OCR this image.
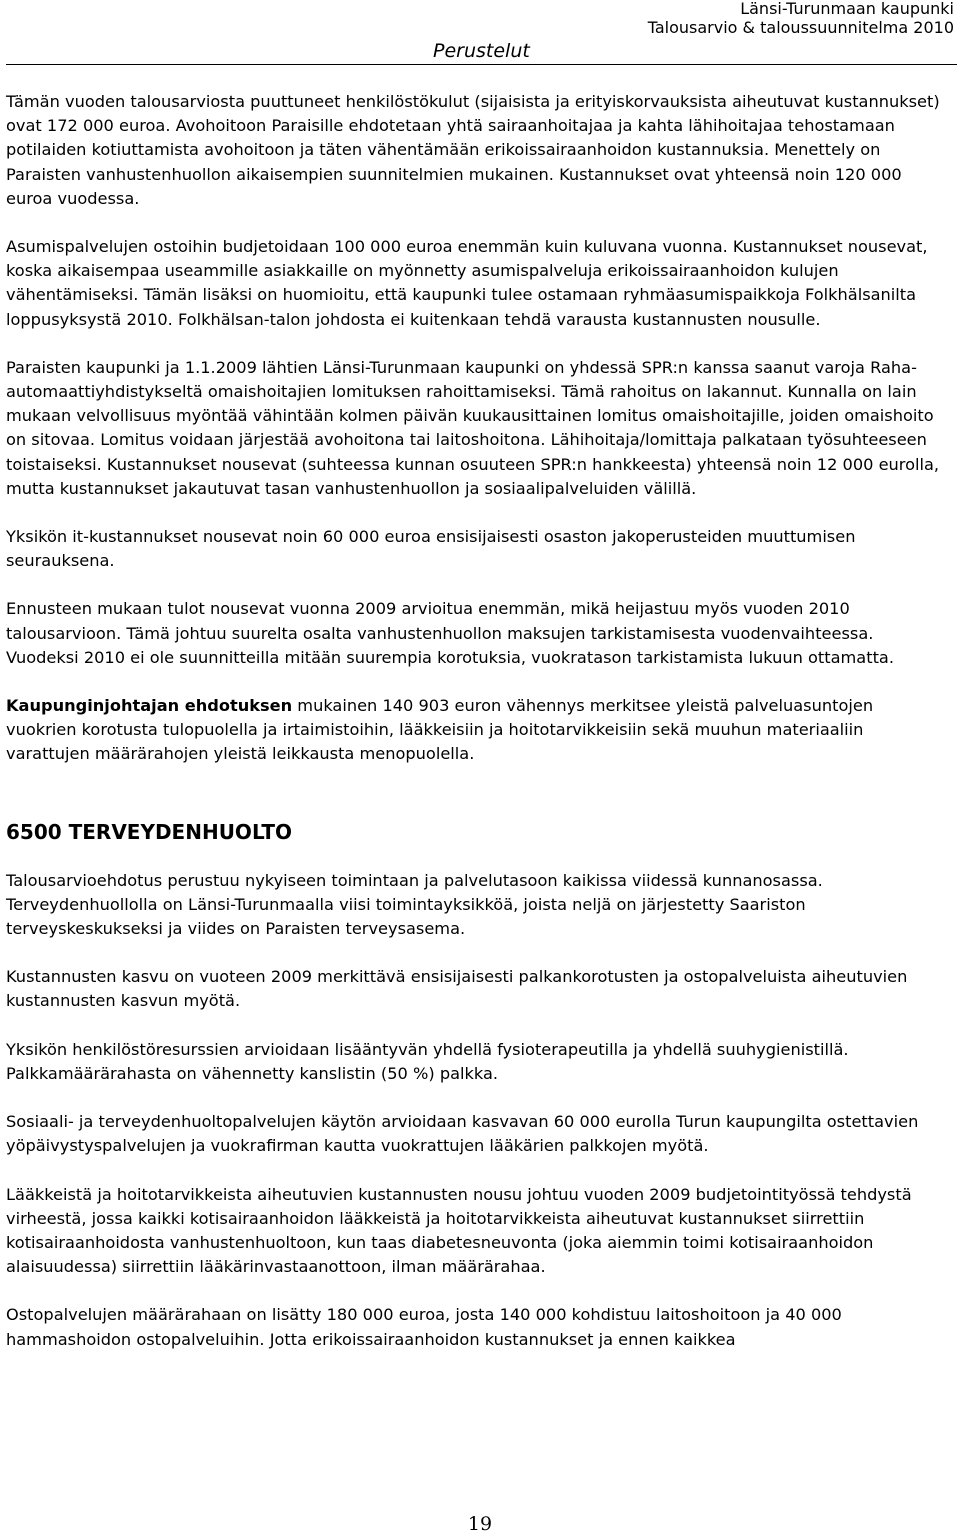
Länsi-Turunmaan kaupunki
Talousarvio & taloussuunnitelma 2010
Perustelut

Tämän vuoden talousarviosta puuttuneet henkilöstökulut (sijaisista ja erityiskorvauksista aiheutuvat kustannukset) ovat 172 000 euroa. Avohoitoon Paraisille ehdotetaan yhtä sairaanhoitajaa ja kahta lähihoitajaa tehostamaan potilaiden kotiuttamista avohoitoon ja täten vähentämään erikoissairaanhoidon kustannuksia. Menettely on Paraisten vanhustenhuollon aikaisempien suunnitelmien mukainen. Kustannukset ovat yhteensä noin 120 000 euroa vuodessa.

Asumispalvelujen ostoihin budjetoidaan 100 000 euroa enemmän kuin kuluvana vuonna. Kustannukset nousevat, koska aikaisempaa useammille asiakkaille on myönnetty asumispalveluja erikoissairaanhoidon kulujen vähentämiseksi. Tämän lisäksi on huomioitu, että kaupunki tulee ostamaan ryhmäasumispaikkoja Folkhälsanilta loppusyksystä 2010. Folkhälsan-talon johdosta ei kuitenkaan tehdä varausta kustannusten nousulle.

Paraisten kaupunki ja 1.1.2009 lähtien Länsi-Turunmaan kaupunki on yhdessä SPR:n kanssa saanut varoja Raha-automaattiyhdistykseltä omaishoitajien lomituksen rahoittamiseksi. Tämä rahoitus on lakannut. Kunnalla on lain mukaan velvollisuus myöntää vähintään kolmen päivän kuukausittainen lomitus omaishoitajille, joiden omaishoito on sitovaa. Lomitus voidaan järjestää avohoitona tai laitoshoitona. Lähihoitaja/lomittaja palkataan työsuhteeseen toistaiseksi. Kustannukset nousevat (suhteessa kunnan osuuteen SPR:n hankkeesta) yhteensä noin 12 000 eurolla, mutta kustannukset jakautuvat tasan vanhustenhuollon ja sosiaalipalveluiden välillä.

Yksikön it-kustannukset nousevat noin 60 000 euroa ensisijaisesti osaston jakoperusteiden muuttumisen seurauksena.

Ennusteen mukaan tulot nousevat vuonna 2009 arvioitua enemmän, mikä heijastuu myös vuoden 2010 talousarvioon. Tämä johtuu suurelta osalta vanhustenhuollon maksujen tarkistamisesta vuodenvaihteessa. Vuodeksi 2010 ei ole suunnitteilla mitään suurempia korotuksia, vuokratason tarkistamista lukuun ottamatta.

Kaupunginjohtajan ehdotuksen mukainen 140 903 euron vähennys merkitsee yleistä palveluasuntojen vuokrien korotusta tulopuolella ja irtaimistoihin, lääkkeisiin ja hoitotarvikkeisiin sekä muuhun materiaaliin varattujen määrärahojen yleistä leikkausta menopuolella.

6500 TERVEYDENHUOLTO

Talousarvioehdotus perustuu nykyiseen toimintaan ja palvelutasoon kaikissa viidessä kunnanosassa. Terveydenhuollolla on Länsi-Turunmaalla viisi toimintayksikköä, joista neljä on järjestetty Saariston terveyskeskukseksi ja viides on Paraisten terveysasema.

Kustannusten kasvu on vuoteen 2009 merkittävä ensisijaisesti palkankorotusten ja ostopalveluista aiheutuvien kustannusten kasvun myötä.

Yksikön henkilöstöresurssien arvioidaan lisääntyvän yhdellä fysioterapeutilla ja yhdellä suuhygienistillä. Palkkamäärärahasta on vähennetty kanslistin (50 %) palkka.

Sosiaali- ja terveydenhuoltopalvelujen käytön arvioidaan kasvavan 60 000 eurolla Turun kaupungilta ostettavien yöpäivystyspalvelujen ja vuokrafirman kautta vuokrattujen lääkärien palkkojen myötä.

Lääkkeistä ja hoitotarvikkeista aiheutuvien kustannusten nousu johtuu vuoden 2009 budjetointityössä tehdystä virheestä, jossa kaikki kotisairaanhoidon lääkkeistä ja hoitotarvikkeista aiheutuvat kustannukset siirrettiin kotisairaanhoidosta vanhustenhuoltoon, kun taas diabetesneuvonta (joka aiemmin toimi kotisairaanhoidon alaisuudessa) siirrettiin lääkärinvastaanottoon, ilman määrärahaa.

Ostopalvelujen määrärahaan on lisätty 180 000 euroa, josta 140 000 kohdistuu laitoshoitoon ja 40 000 hammashoidon ostopalveluihin. Jotta erikoissairaanhoidon kustannukset ja ennen kaikkea

19
